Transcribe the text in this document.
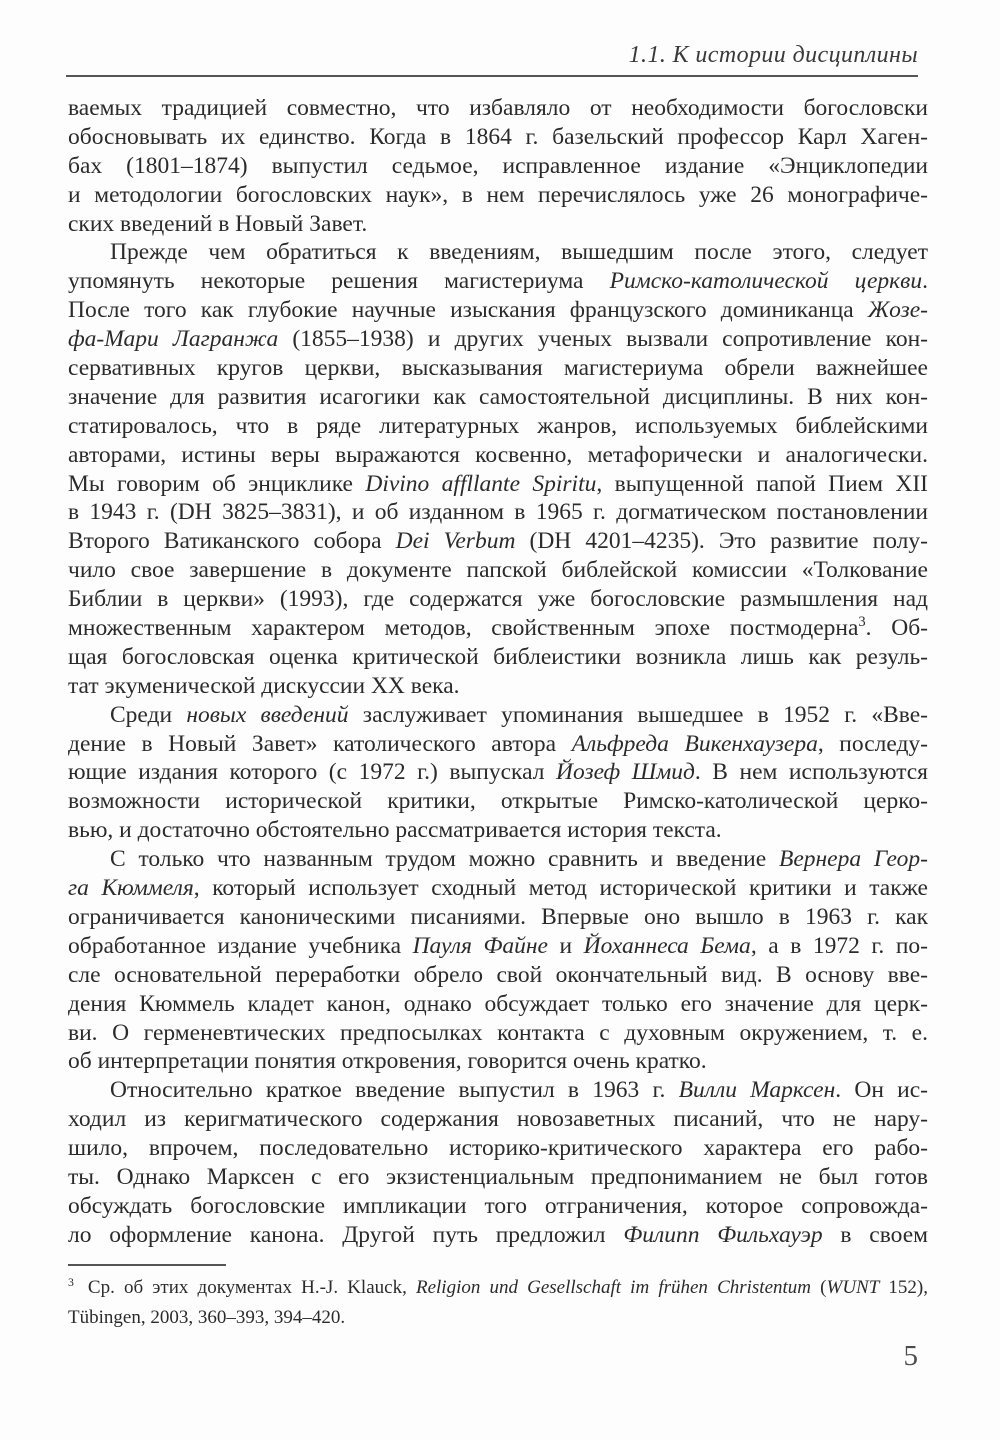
1.1. К истории дисциплины
ваемых традицией совместно, что избавляло от необходимости богословски
обосновывать их единство. Когда в 1864 г. базельский профессор Карл Хаген-
бах (1801–1874) выпустил седьмое, исправленное издание «Энциклопедии
и методологии богословских наук», в нем перечислялось уже 26 монографиче-
ских введений в Новый Завет.
Прежде чем обратиться к введениям, вышедшим после этого, следует
упомянуть некоторые решения магистериума Римско-католической церкви.
После того как глубокие научные изыскания французского доминиканца Жозе-
фа-Мари Лагранжа (1855–1938) и других ученых вызвали сопротивление кон-
сервативных кругов церкви, высказывания магистериума обрели важнейшее
значение для развития исагогики как самостоятельной дисциплины. В них кон-
статировалось, что в ряде литературных жанров, используемых библейскими
авторами, истины веры выражаются косвенно, метафорически и аналогически.
Мы говорим об энциклике Divino affllante Spiritu, выпущенной папой Пием XII
в 1943 г. (DH 3825–3831), и об изданном в 1965 г. догматическом постановлении
Второго Ватиканского собора Dei Verbum (DH 4201–4235). Это развитие полу-
чило свое завершение в документе папской библейской комиссии «Толкование
Библии в церкви» (1993), где содержатся уже богословские размышления над
множественным характером методов, свойственным эпохе постмодерна$^3$. Об-
щая богословская оценка критической библеистики возникла лишь как резуль-
тат экуменической дискуссии XX века.
Среди новых введений заслуживает упоминания вышедшее в 1952 г. «Вве-
дение в Новый Завет» католического автора Альфреда Викенхаузера, последу-
ющие издания которого (с 1972 г.) выпускал Йозеф Шмид. В нем используются
возможности исторической критики, открытые Римско-католической церко-
вью, и достаточно обстоятельно рассматривается история текста.
С только что названным трудом можно сравнить и введение Вернера Геор-
га Кюммеля, который использует сходный метод исторической критики и также
ограничивается каноническими писаниями. Впервые оно вышло в 1963 г. как
обработанное издание учебника Пауля Файне и Йоханнеса Бема, а в 1972 г. по-
сле основательной переработки обрело свой окончательный вид. В основу вве-
дения Кюммель кладет канон, однако обсуждает только его значение для церк-
ви. О герменевтических предпосылках контакта с духовным окружением, т. е.
об интерпретации понятия откровения, говорится очень кратко.
Относительно краткое введение выпустил в 1963 г. Вилли Марксен. Он ис-
ходил из керигматического содержания новозаветных писаний, что не нару-
шило, впрочем, последовательно историко-критического характера его рабо-
ты. Однако Марксен с его экзистенциальным предпониманием не был готов
обсуждать богословские импликации того отграничения, которое сопровожда-
ло оформление канона. Другой путь предложил Филипп Фильхауэр в своем
$^3$ Ср. об этих документах H.-J. Klauck, Religion und Gesellschaft im frühen Christentum (WUNT 152),
Tübingen, 2003, 360–393, 394–420.
5
